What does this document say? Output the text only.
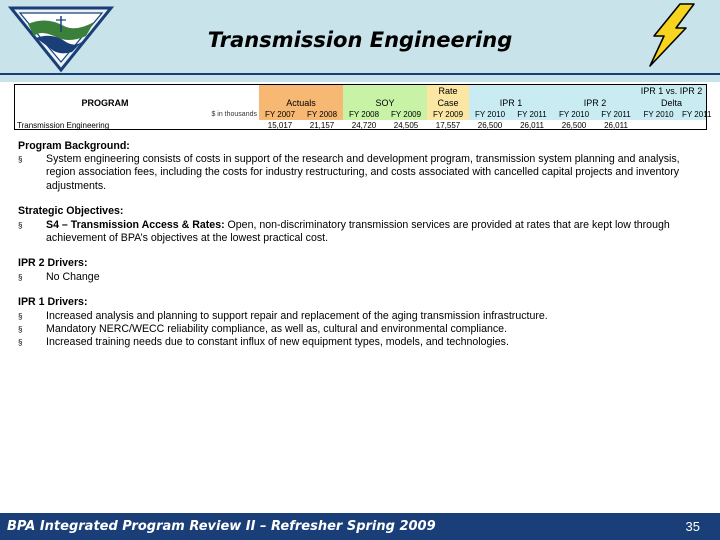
Transmission Engineering
						Rate					IPR 1 vs. IPR 2	
PROGRAM		Actuals		SOY		Case	IPR 1		IPR 2		Delta	
	$ in thousands	FY 2007	FY 2008	FY 2008	FY 2009	FY 2009	FY 2010	FY 2011	FY 2010	FY 2011	FY 2010	FY 2011
Transmission Engineering		15,017	21,157	24,720	24,505	17,557	26,500	26,011	26,500	26,011		
Program Background:
§	System engineering consists of costs in support of the research and development program, transmission system planning and analysis, region association fees, including the costs for industry restructuring, and costs associated with cancelled capital projects and inventory adjustments.
Strategic Objectives:
§	S4 – Transmission Access & Rates: Open, non-discriminatory transmission services are provided at rates that are kept low through achievement of BPA’s objectives at the lowest practical cost.
IPR 2 Drivers:
§	No Change
IPR 1 Drivers:
§	Increased analysis and planning to support repair and replacement of the aging transmission infrastructure.
§	Mandatory NERC/WECC reliability compliance, as well as, cultural and environmental compliance.
§	Increased training needs due to constant influx of new equipment types, models, and technologies.
BPA Integrated Program Review II – Refresher Spring 2009	35
